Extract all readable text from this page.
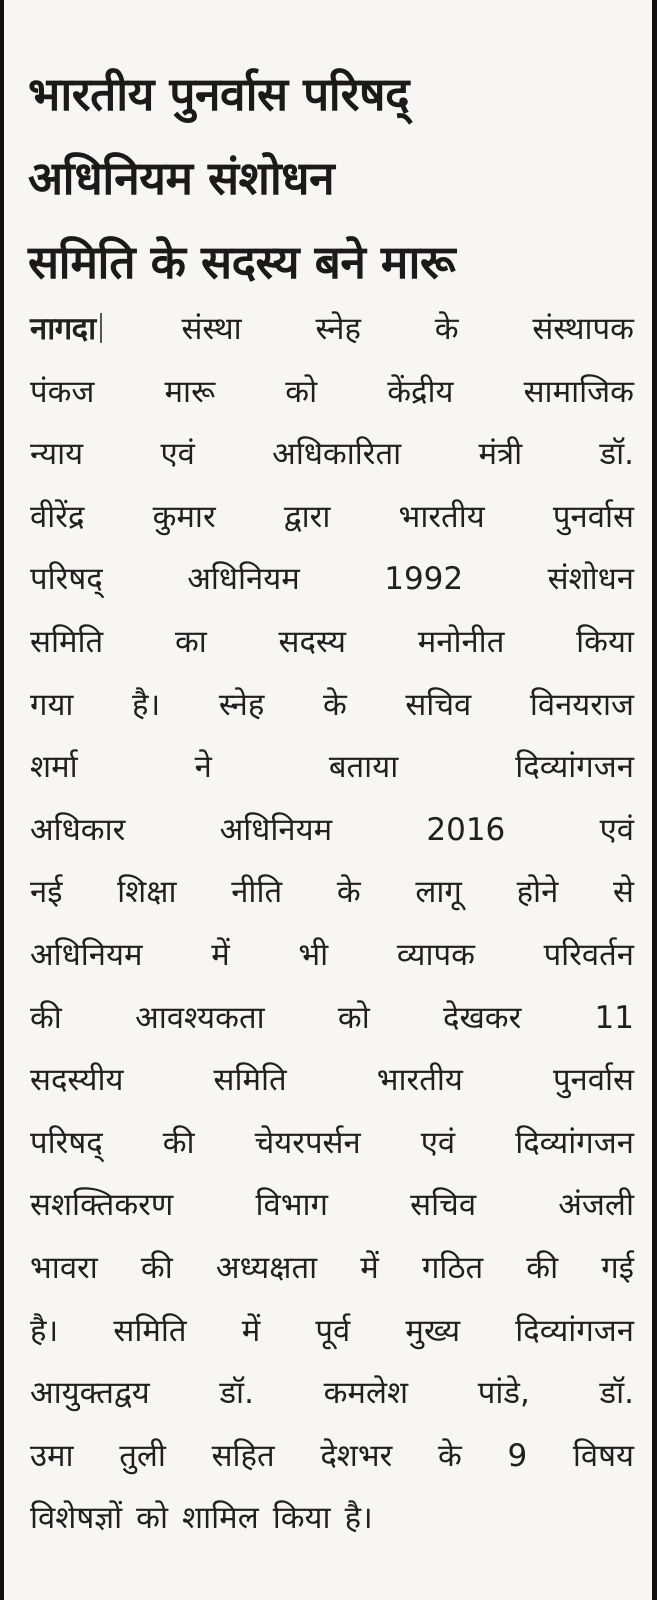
भारतीय पुनर्वास परिषद्
अधिनियम संशोधन
समिति के सदस्य बने मारू
नागदा	संस्था स्नेह के संस्थापक
पंकज मारू को केंद्रीय सामाजिक
न्याय एवं अधिकारिता मंत्री डॉ.
वीरेंद्र कुमार द्वारा भारतीय पुनर्वास
परिषद्	अधिनियम	1992	संशोधन
समिति का सदस्य मनोनीत किया
गया है। स्नेह के सचिव विनयराज
शर्मा	ने	बताया	दिव्यांगजन
अधिकार	अधिनियम	2016	एवं
नई शिक्षा नीति के लागू होने से
अधिनियम में भी व्यापक परिवर्तन
की आवश्यकता को देखकर 11
सदस्यीय	समिति	भारतीय	पुनर्वास
परिषद् की चेयरपर्सन एवं दिव्यांगजन
सशक्तिकरण	विभाग	सचिव	अंजली
भावरा की अध्यक्षता में गठित की गई
है। समिति में पूर्व मुख्य दिव्यांगजन
आयुक्तद्वय डॉ. कमलेश पांडे, डॉ.
उमा तुली सहित देशभर के 9 विषय
विशेषज्ञों को शामिल किया है।
